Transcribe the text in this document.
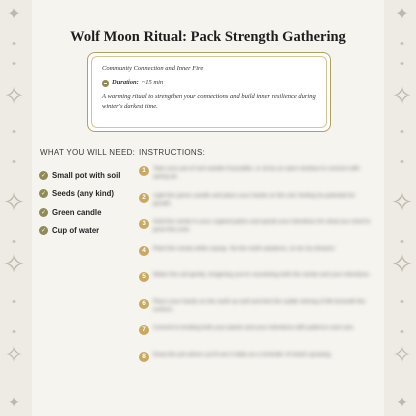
✦
✧
✧
✧
✧
✦
✦
✧
✧
✧
✧
✦
Wolf Moon Ritual: Pack Strength Gathering

Community Connection and Inner Fire

Duration: ~15 min

A warming ritual to strengthen your connections and build inner resilience during winter's darkest time.

WHAT YOU WILL NEED:
✓ Small pot with soil
✓ Seeds (any kind)
✓ Green candle
✓ Cup of water
INSTRUCTIONS:
1	Take your pot of soil outside if possible, or sit by an open window to connect with spring air.
2	Light the green candle and place your hands on the soil, feeling its potential for growth.
3	Hold the seeds in your cupped palms and speak your intentions for what you need to grow this year.
4	Plant the seeds while saying: 'As the earth awakens, so do my dreams.'
5	Water the soil gently, imagining you're nourishing both the seeds and your intentions.
6	Place your hands on the earth as well and feel the subtle stirring of life beneath the surface.
7	Commit to tending both your plants and your intentions with patience and care.
8	Keep the pot where you'll see it daily as a reminder of what's growing.
